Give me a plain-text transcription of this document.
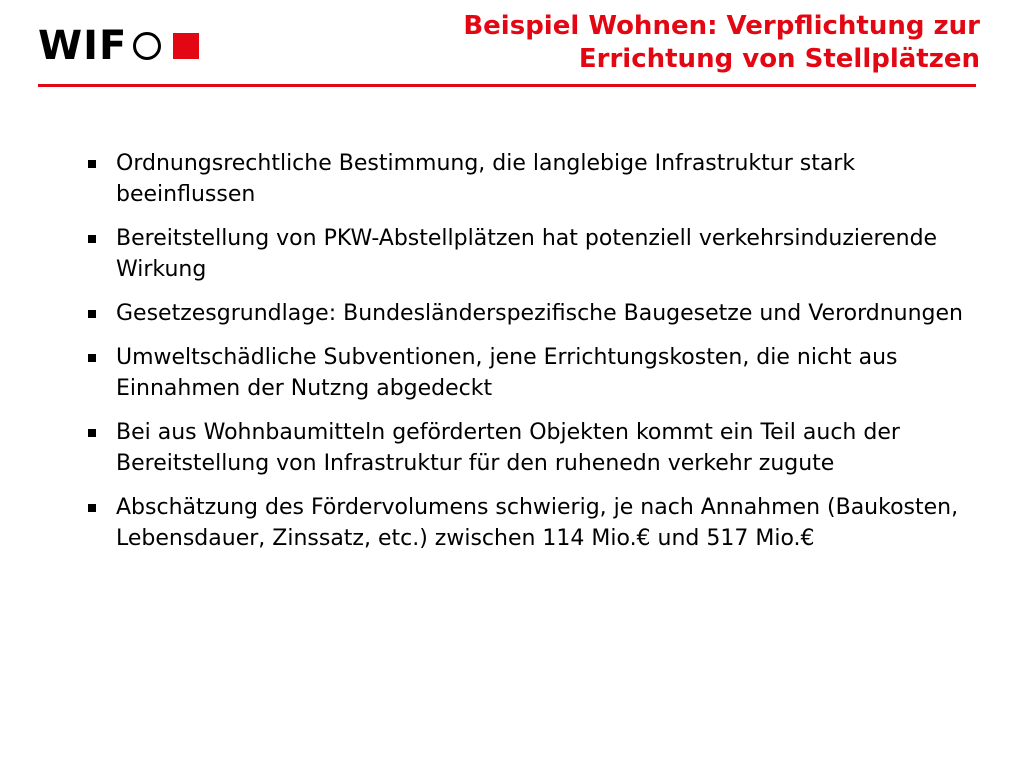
WIF	Beispiel Wohnen: Verpflichtung zur
Errichtung von Stellplätzen
Ordnungsrechtliche Bestimmung, die langlebige Infrastruktur stark beeinflussen
Bereitstellung von PKW-Abstellplätzen hat potenziell verkehrsinduzierende Wirkung
Gesetzesgrundlage: Bundesländerspezifische Baugesetze und Verordnungen
Umweltschädliche Subventionen, jene Errichtungskosten, die nicht aus Einnahmen der Nutzng abgedeckt
Bei aus Wohnbaumitteln geförderten Objekten kommt ein Teil auch der Bereitstellung von Infrastruktur für den ruhenedn verkehr zugute
Abschätzung des Fördervolumens schwierig, je nach Annahmen (Baukosten, Lebensdauer, Zinssatz, etc.) zwischen 114 Mio.€ und 517 Mio.€
